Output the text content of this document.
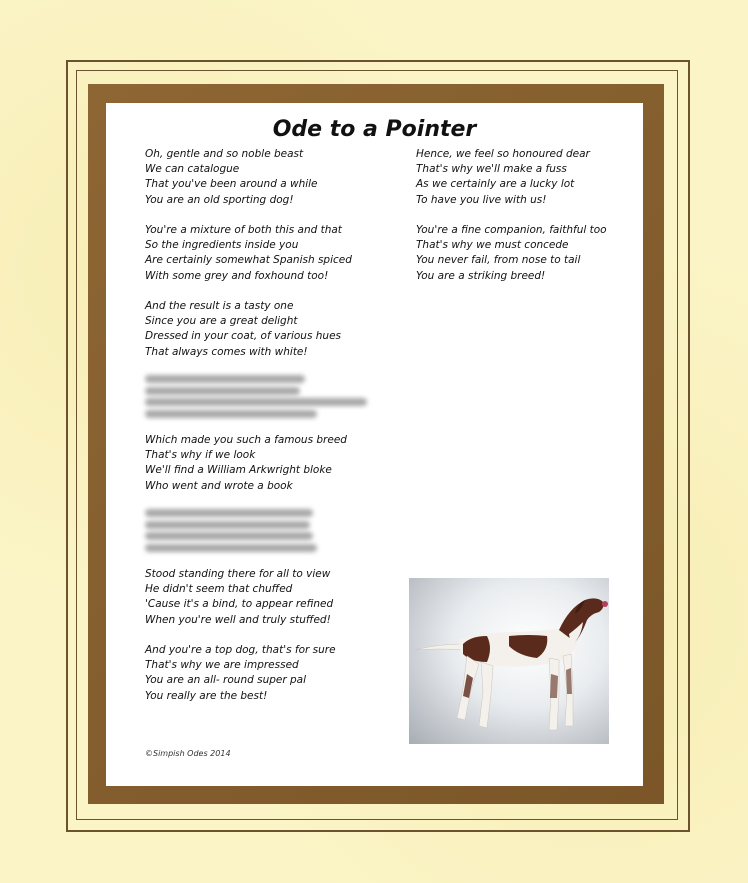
Ode to a Pointer
Oh, gentle and so noble beast
We can catalogue
That you've been around a while
You are an old sporting dog!
You're a mixture of both this and that
So the ingredients inside you
Are certainly somewhat Spanish spiced
With some grey and foxhound too!
And the result is a tasty one
Since you are a great delight
Dressed in your coat, of various hues
That always comes with white!
Which made you such a famous breed
That's why if we look
We'll find a William Arkwright bloke
Who went and wrote a book
Stood standing there for all to view
He didn't seem that chuffed
'Cause it's a bind, to appear refined
When you're well and truly stuffed!
And you're a top dog, that's for sure
That's why we are impressed
You are an all- round super pal
You really are the best!
Hence, we feel so honoured dear
That's why we'll make a fuss
As we certainly are a lucky lot
To have you live with us!
You're a fine companion, faithful too
That's why we must concede
You never fail, from nose to tail
You are a striking breed!
©Simpish Odes 2014
